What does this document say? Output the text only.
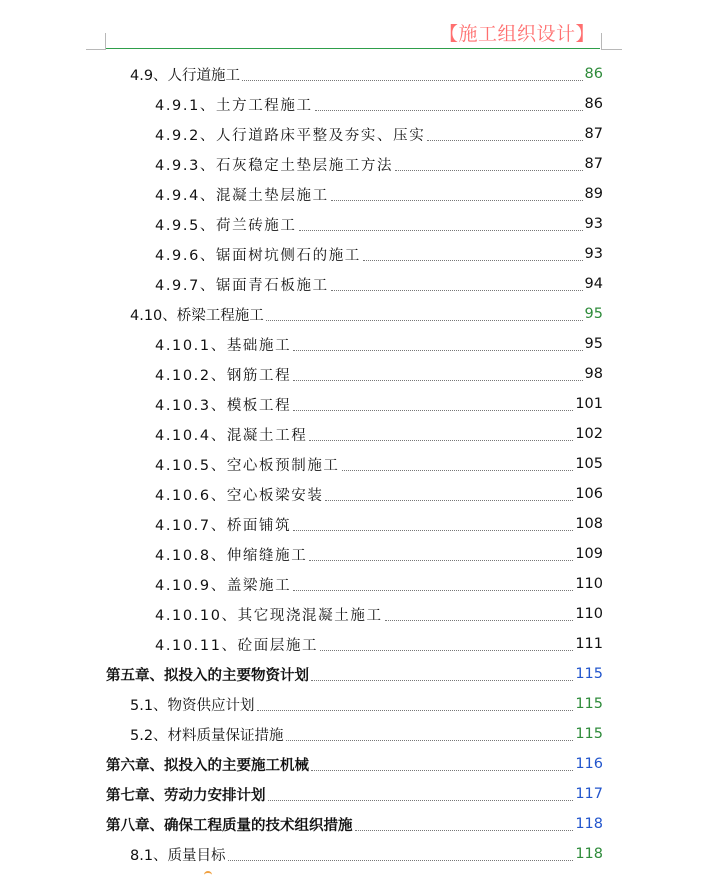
【施工组织设计】
4.9、人行道施工	86
4.9.1、土方工程施工	86
4.9.2、人行道路床平整及夯实、压实	87
4.9.3、石灰稳定土垫层施工方法	87
4.9.4、混凝土垫层施工	89
4.9.5、荷兰砖施工	93
4.9.6、锯面树坑侧石的施工	93
4.9.7、锯面青石板施工	94
4.10、桥梁工程施工	95
4.10.1、基础施工	95
4.10.2、钢筋工程	98
4.10.3、模板工程	101
4.10.4、混凝土工程	102
4.10.5、空心板预制施工	105
4.10.6、空心板梁安装	106
4.10.7、桥面铺筑	108
4.10.8、伸缩缝施工	109
4.10.9、盖梁施工	110
4.10.10、其它现浇混凝土施工	110
4.10.11、砼面层施工	111
第五章、拟投入的主要物资计划	115
5.1、物资供应计划	115
5.2、材料质量保证措施	115
第六章、拟投入的主要施工机械	116
第七章、劳动力安排计划	117
第八章、确保工程质量的技术组织措施	118
8.1、质量目标	118
